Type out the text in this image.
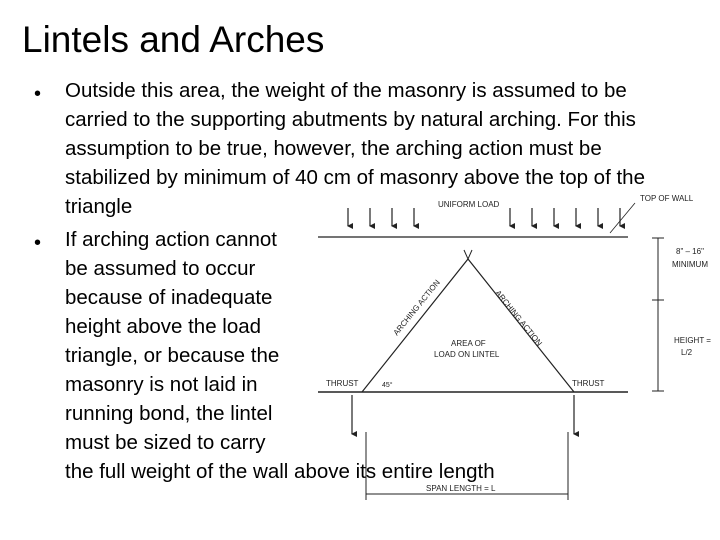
Lintels and Arches
• Outside this area, the weight of the masonry is assumed to be
carried to the supporting abutments by natural arching. For this
assumption to be true, however, the arching action must be
stabilized by minimum of 40 cm of masonry above the top of the
triangle
• If arching action cannot
be assumed to occur
because of inadequate
height above the load
triangle, or because the
masonry is not laid in
running bond, the lintel
must be sized to carry
the full weight of the wall above its entire length
UNIFORM LOAD
TOP OF WALL
8" – 16"
MINIMUM
HEIGHT =
L/2
ARCHING ACTION	ARCHING ACTION
AREA OF
LOAD ON LINTEL
THRUST	45°	THRUST
SPAN LENGTH = L
